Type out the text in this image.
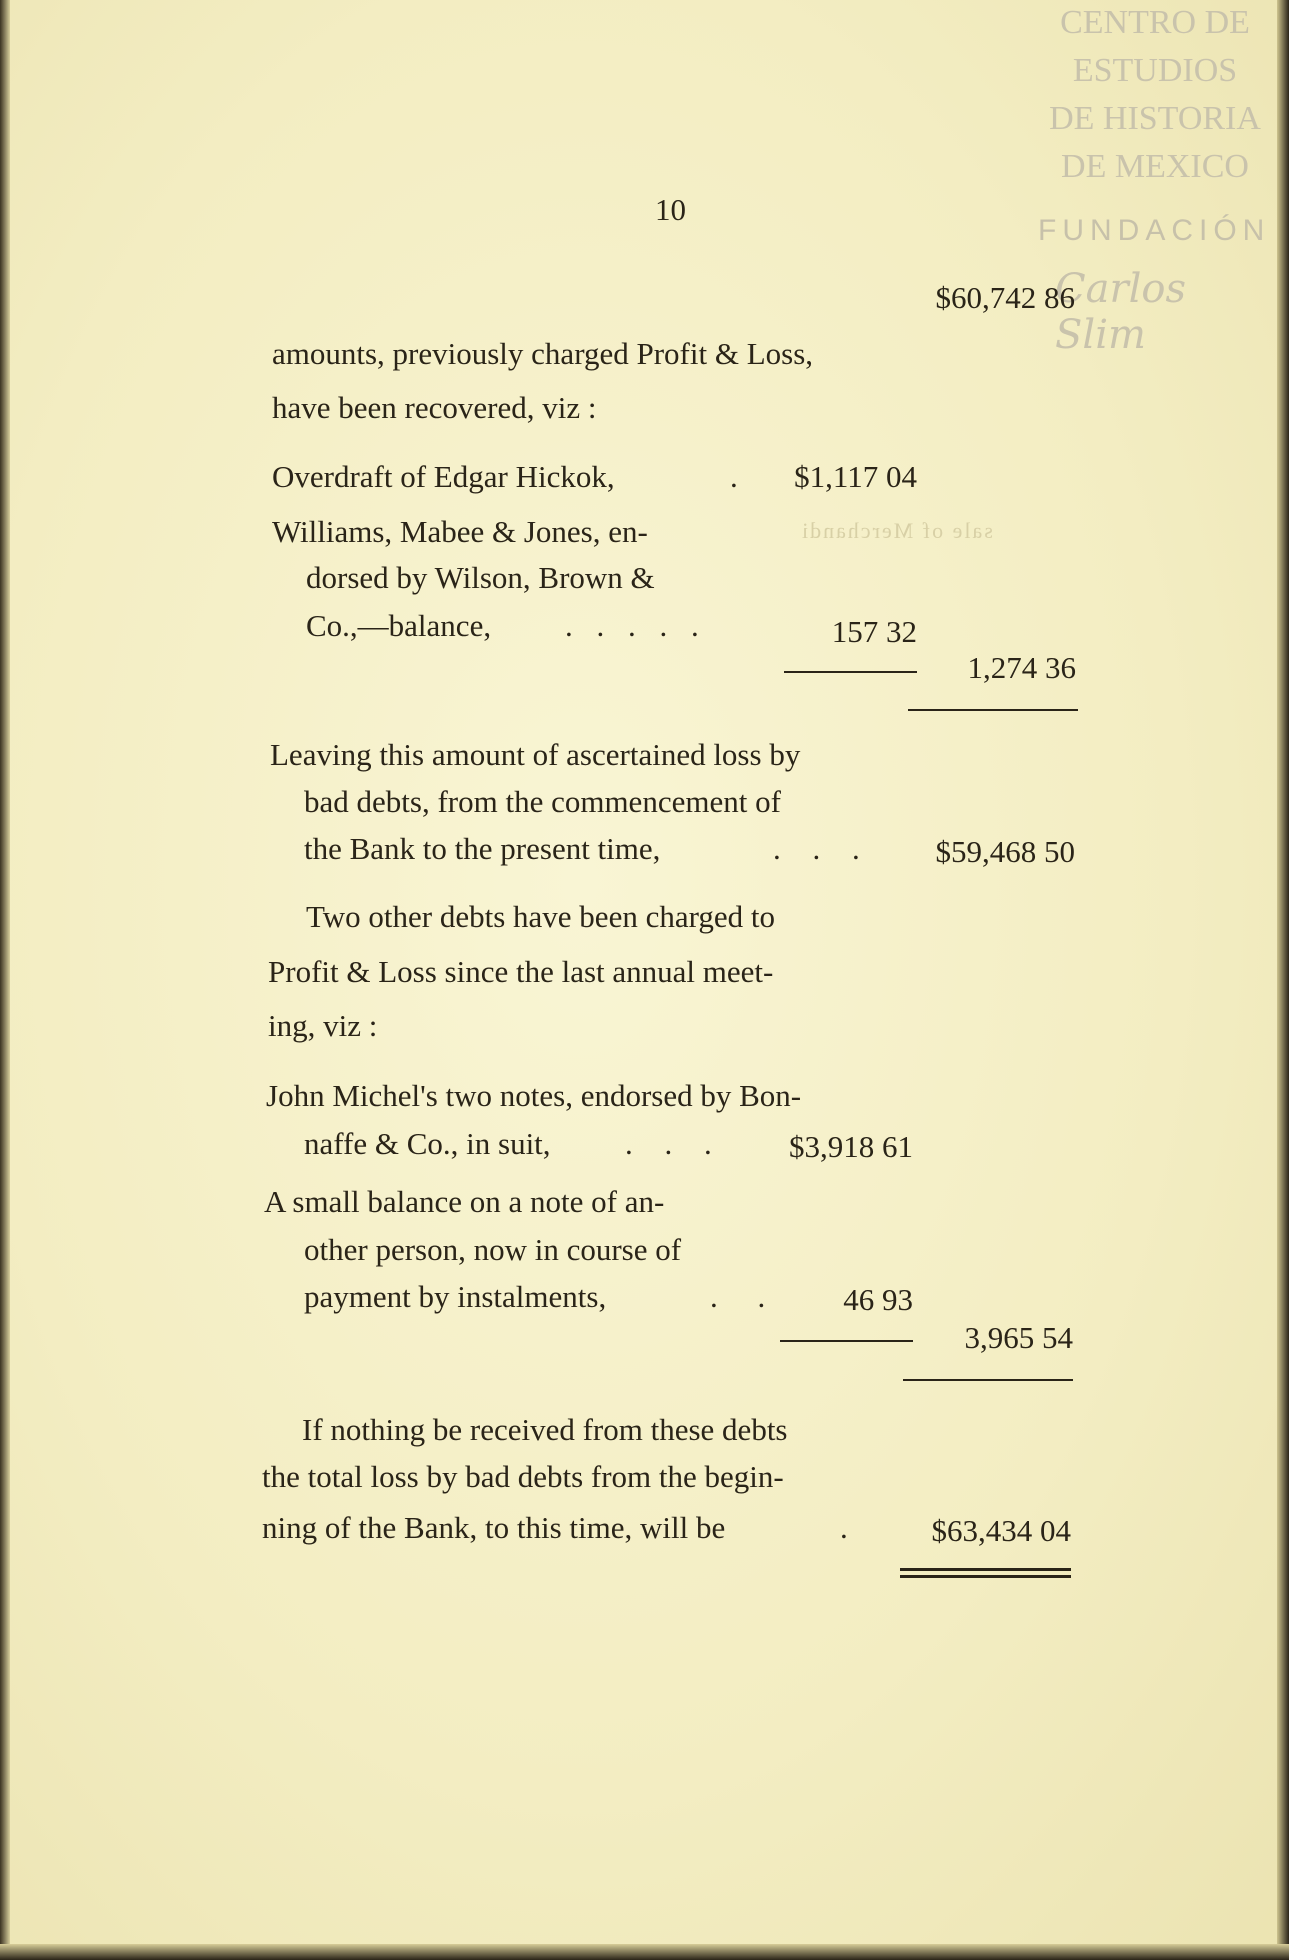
CENTRO DE
ESTUDIOS
DE HISTORIA
DE MEXICO
FUNDACIÓN
Carlos Slim
sale of Merchandi
10
$60,742 86
amounts, previously charged Profit & Loss,
have been recovered, viz :
Overdraft of Edgar Hickok,	.	$1,117 04
Williams, Mabee & Jones, en-
dorsed by Wilson, Brown &
Co.,—balance, . . . . .	157 32
1,274 36
Leaving this amount of ascertained loss by
bad debts, from the commencement of
the Bank to the present time,	. . .	$59,468 50
Two other debts have been charged to
Profit & Loss since the last annual meet-
ing, viz :
John Michel's two notes, endorsed by Bon-
naffe & Co., in suit, . . .	$3,918 61
A small balance on a note of an-
other person, now in course of
payment by instalments,	. .	46 93
3,965 54
If nothing be received from these debts
the total loss by bad debts from the begin-
ning of the Bank, to this time, will be	.	$63,434 04
